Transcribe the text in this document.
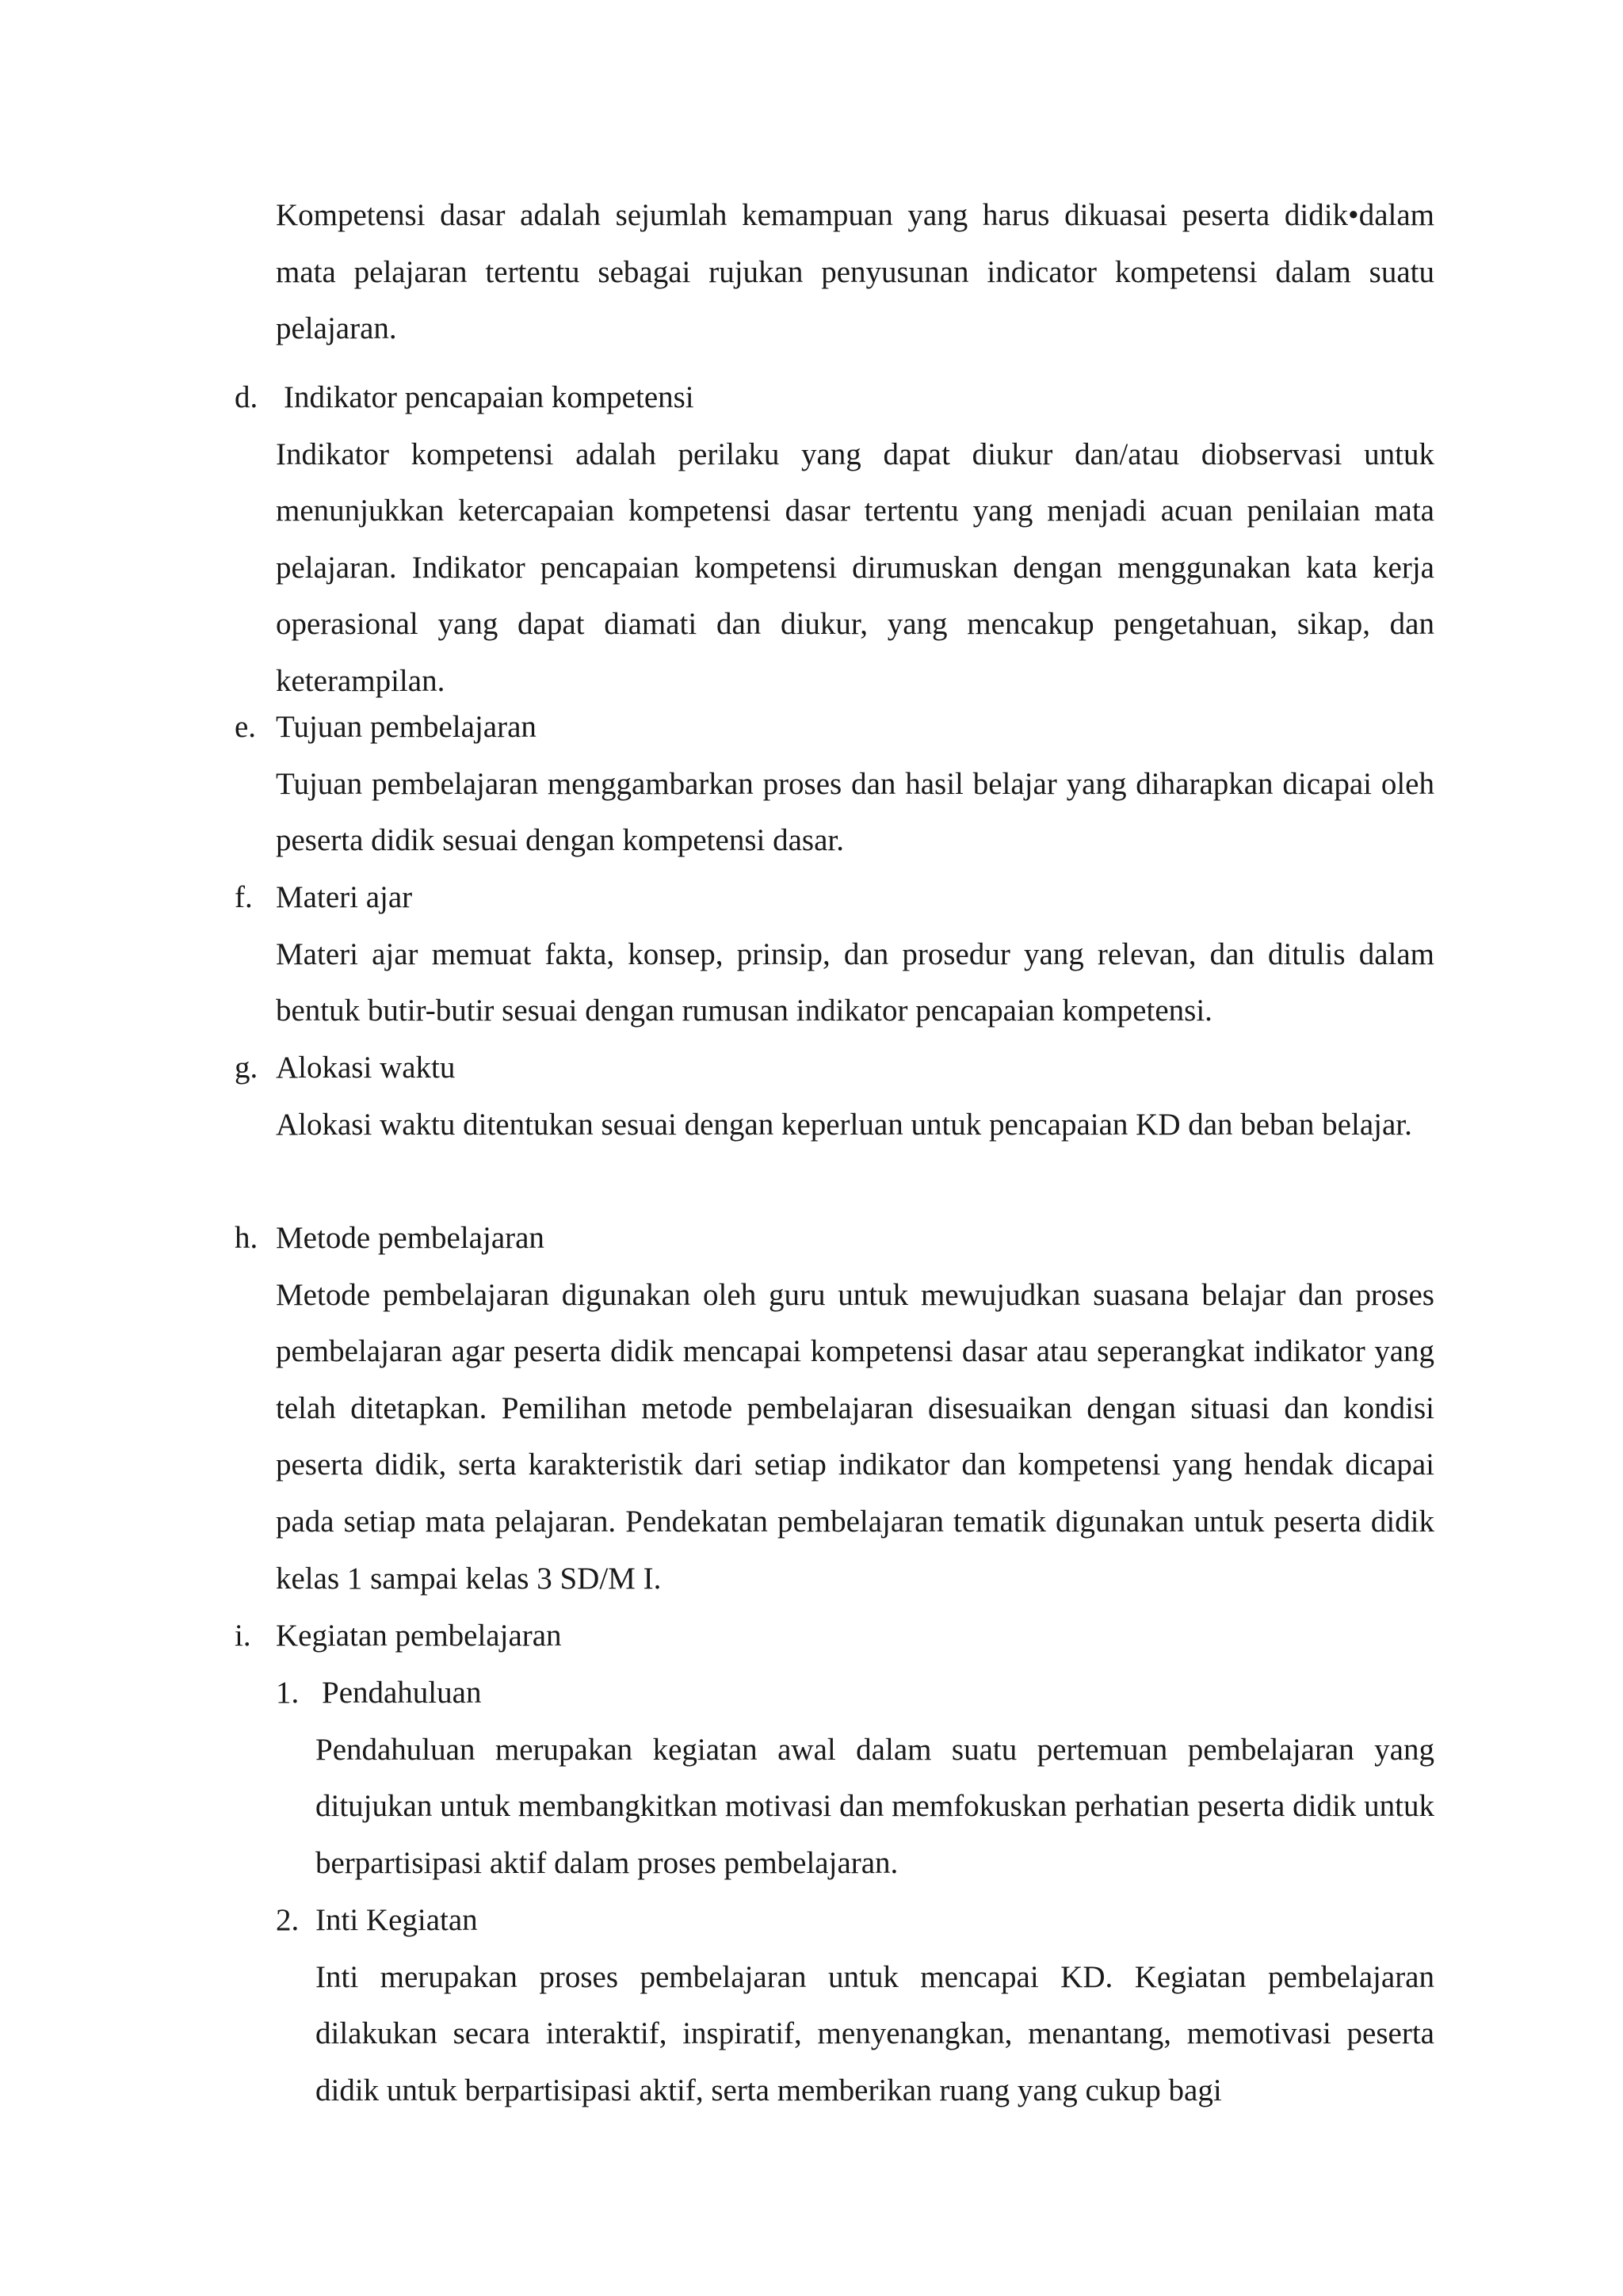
Kompetensi dasar adalah sejumlah kemampuan yang harus dikuasai peserta didik•dalam mata pelajaran tertentu sebagai rujukan penyusunan indicator kompetensi dalam suatu pelajaran.

d. Indikator pencapaian kompetensi

Indikator kompetensi adalah perilaku yang dapat diukur dan/atau diobservasi untuk menunjukkan ketercapaian kompetensi dasar tertentu yang menjadi acuan penilaian mata pelajaran. Indikator pencapaian kompetensi dirumuskan dengan menggunakan kata kerja operasional yang dapat diamati dan diukur, yang mencakup pengetahuan, sikap, dan keterampilan.

e. Tujuan pembelajaran

Tujuan pembelajaran menggambarkan proses dan hasil belajar yang diharapkan dicapai oleh peserta didik sesuai dengan kompetensi dasar.

f. Materi ajar

Materi ajar memuat fakta, konsep, prinsip, dan prosedur yang relevan, dan ditulis dalam bentuk butir-butir sesuai dengan rumusan indikator pencapaian kompetensi.

g. Alokasi waktu

Alokasi waktu ditentukan sesuai dengan keperluan untuk pencapaian KD dan beban belajar.

h. Metode pembelajaran

Metode pembelajaran digunakan oleh guru untuk mewujudkan suasana belajar dan proses pembelajaran agar peserta didik mencapai kompetensi dasar atau seperangkat indikator yang telah ditetapkan. Pemilihan metode pembelajaran disesuaikan dengan situasi dan kondisi peserta didik, serta karakteristik dari setiap indikator dan kompetensi yang hendak dicapai pada setiap mata pelajaran. Pendekatan pembelajaran tematik digunakan untuk peserta didik kelas 1 sampai kelas 3 SD/M I.

i. Kegiatan pembelajaran
1. Pendahuluan

Pendahuluan merupakan kegiatan awal dalam suatu pertemuan pembelajaran yang ditujukan untuk membangkitkan motivasi dan memfokuskan perhatian peserta didik untuk berpartisipasi aktif dalam proses pembelajaran.

2. Inti Kegiatan

Inti merupakan proses pembelajaran untuk mencapai KD. Kegiatan pembelajaran dilakukan secara interaktif, inspiratif, menyenangkan, menantang, memotivasi peserta didik untuk berpartisipasi aktif, serta memberikan ruang yang cukup bagi
